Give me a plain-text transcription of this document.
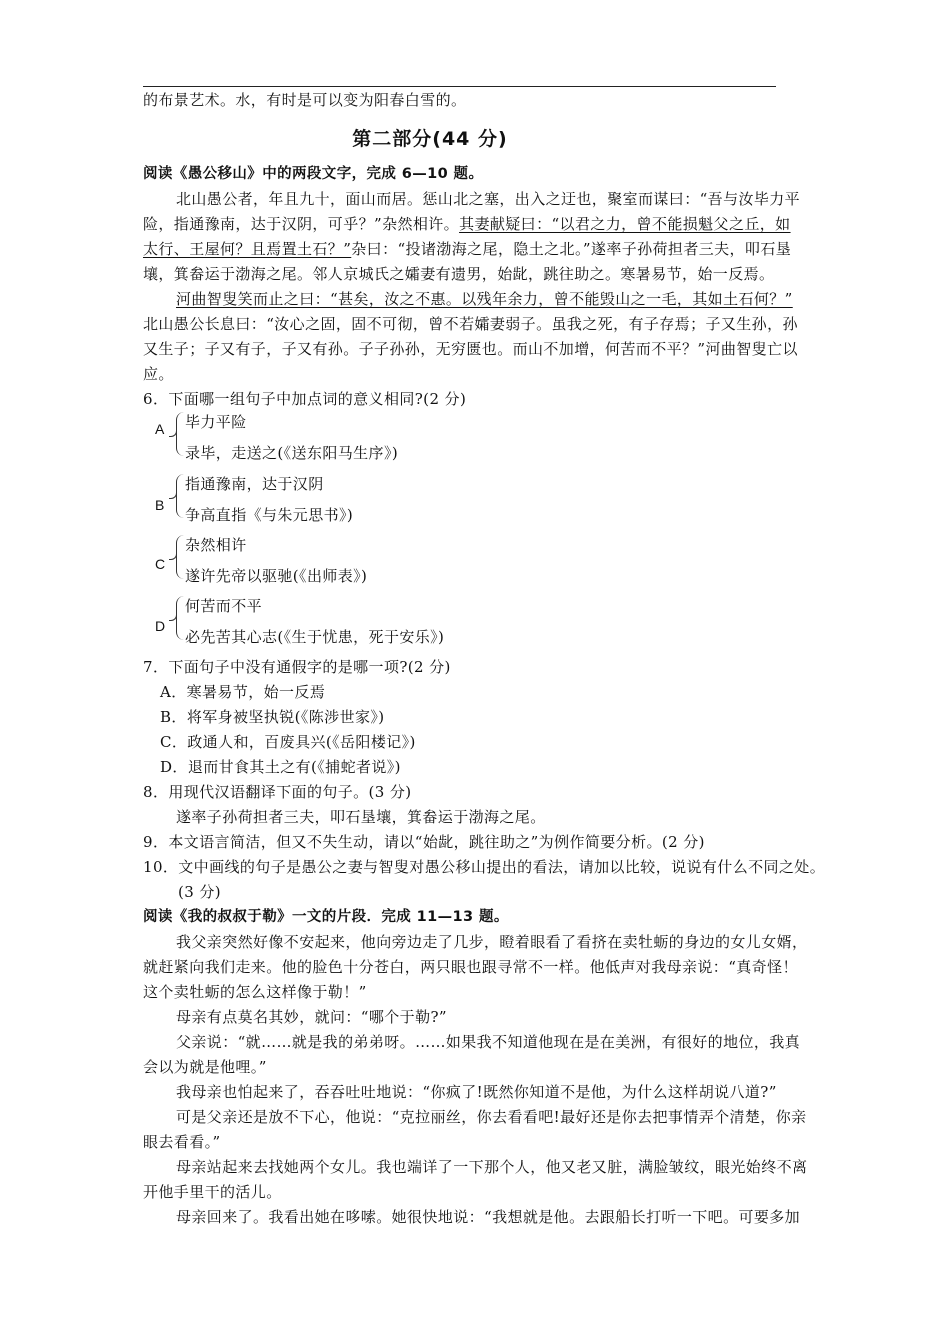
的布景艺术。水，有时是可以变为阳春白雪的。
第二部分(44 分)
阅读《愚公移山》中的两段文字，完成 6—10 题。
北山愚公者，年且九十，面山而居。惩山北之塞，出入之迂也，聚室而谋曰：“吾与汝毕力平
险，指通豫南，达于汉阴，可乎？”杂然相许。其妻献疑曰：“以君之力，曾不能损魁父之丘，如
太行、王屋何？且焉置土石？”杂曰：“投诸渤海之尾，隐土之北。”遂率子孙荷担者三夫，叩石垦
壤，箕畚运于渤海之尾。邻人京城氏之孀妻有遗男，始龀，跳往助之。寒暑易节，始一反焉。
河曲智叟笑而止之曰：“甚矣，汝之不惠。以残年余力，曾不能毁山之一毛，其如土石何？”
北山愚公长息曰：“汝心之固，固不可彻，曾不若孀妻弱子。虽我之死，有子存焉；子又生孙，孙
又生子；子又有子，子又有孙。子子孙孙，无穷匮也。而山不加增，何苦而不平？”河曲智叟亡以
应。
6．下面哪一组句子中加点词的意义相同?(2 分)
A 毕力平险
录毕，走送之(《送东阳马生序》)
B
指通豫南，达于汉阴
争高直指《与朱元思书》)
C
杂然相许
遂许先帝以驱驰(《出师表》)
D
何苦而不平
必先苦其心志(《生于忧患，死于安乐》)
7．下面句子中没有通假字的是哪一项?(2 分)
A．寒暑易节，始一反焉
B．将军身被坚执锐(《陈涉世家》)
C．政通人和，百废具兴(《岳阳楼记》)
D．退而甘食其土之有(《捕蛇者说》)
8．用现代汉语翻译下面的句子。(3 分)
遂率子孙荷担者三夫，叩石垦壤，箕畚运于渤海之尾。
9．本文语言简洁，但又不失生动，请以“始龀，跳往助之”为例作简要分析。(2 分)
10．文中画线的句子是愚公之妻与智叟对愚公移山提出的看法，请加以比较，说说有什么不同之处。
(3 分)
阅读《我的叔叔于勒》一文的片段．完成 11—13 题。
我父亲突然好像不安起来，他向旁边走了几步，瞪着眼看了看挤在卖牡蛎的身边的女儿女婿，
就赶紧向我们走来。他的脸色十分苍白，两只眼也跟寻常不一样。他低声对我母亲说：“真奇怪！
这个卖牡蛎的怎么这样像于勒！”
母亲有点莫名其妙，就问：“哪个于勒?”
父亲说：“就……就是我的弟弟呀。……如果我不知道他现在是在美洲，有很好的地位，我真
会以为就是他哩。”
我母亲也怕起来了，吞吞吐吐地说：“你疯了!既然你知道不是他，为什么这样胡说八道?”
可是父亲还是放不下心，他说：“克拉丽丝，你去看看吧!最好还是你去把事情弄个清楚，你亲
眼去看看。”
母亲站起来去找她两个女儿。我也端详了一下那个人，他又老又脏，满脸皱纹，眼光始终不离
开他手里干的活儿。
母亲回来了。我看出她在哆嗦。她很快地说：“我想就是他。去跟船长打听一下吧。可要多加
